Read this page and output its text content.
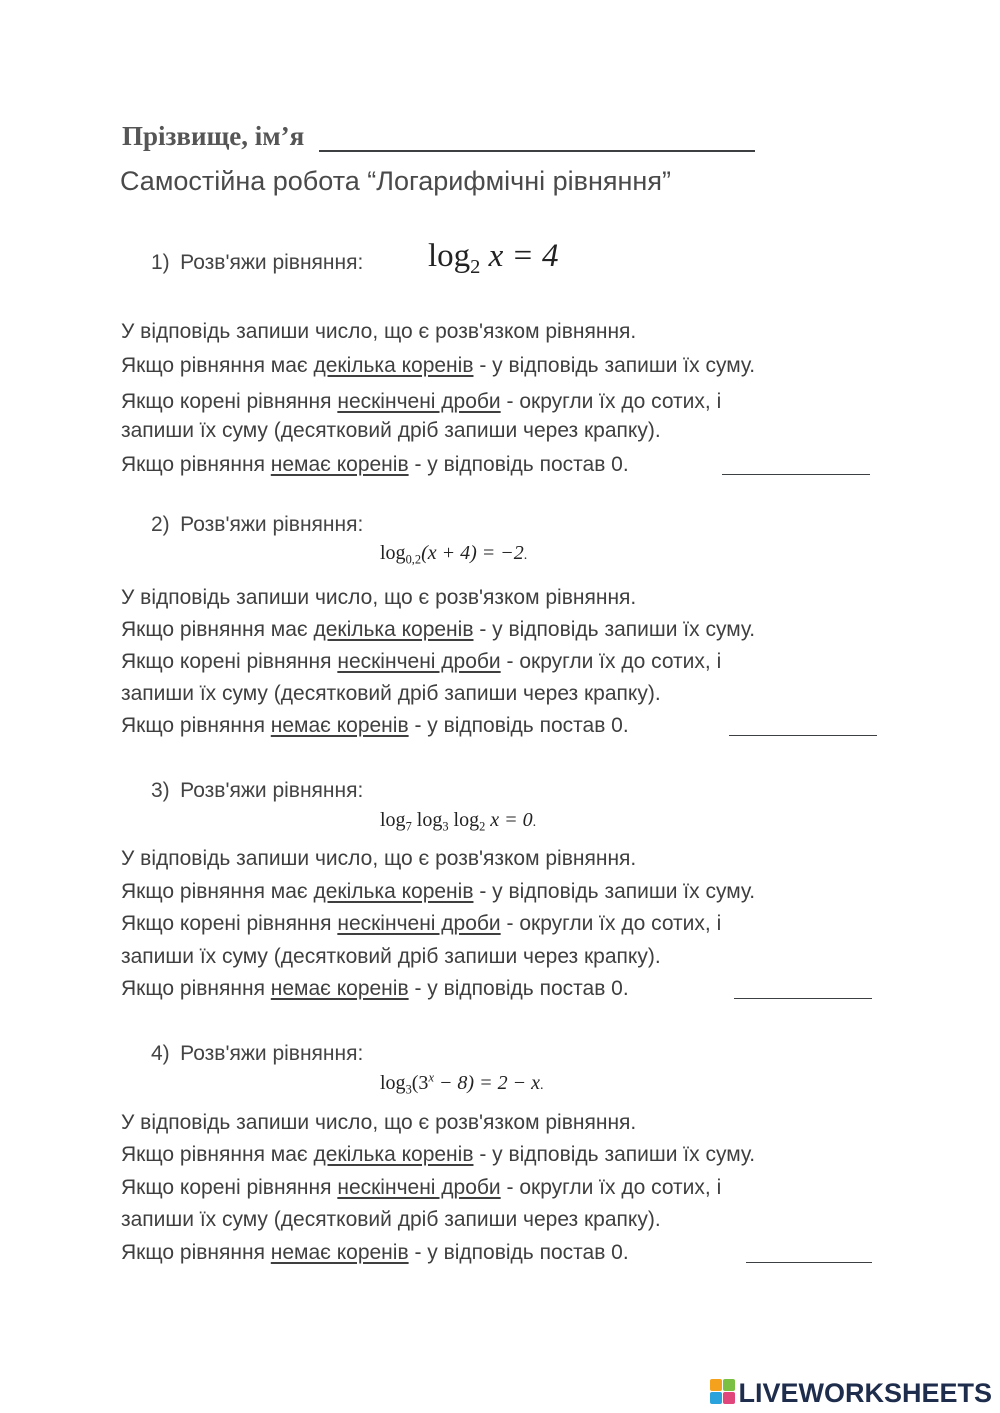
Прізвище, ім’я
Самостійна робота “Логарифмічні рівняння”
1) Розв'яжи рівняння: $\log_2 x = 4$
У відповідь запиши число, що є розв'язком рівняння.
Якщо рівняння має декілька коренів - у відповідь запиши їх суму.
Якщо корені рівняння нескінчені дроби - округли їх до сотих, і
запиши їх суму (десятковий дріб запиши через крапку).
Якщо рівняння немає коренів - у відповідь постав 0.
2) Розв'яжи рівняння:
$\log_{0,2}(x + 4) = -2$.
У відповідь запиши число, що є розв'язком рівняння.
Якщо рівняння має декілька коренів - у відповідь запиши їх суму.
Якщо корені рівняння нескінчені дроби - округли їх до сотих, і
запиши їх суму (десятковий дріб запиши через крапку).
Якщо рівняння немає коренів - у відповідь постав 0.
3) Розв'яжи рівняння:
$\log_7 \log_3 \log_2 x = 0$.
У відповідь запиши число, що є розв'язком рівняння.
Якщо рівняння має декілька коренів - у відповідь запиши їх суму.
Якщо корені рівняння нескінчені дроби - округли їх до сотих, і
запиши їх суму (десятковий дріб запиши через крапку).
Якщо рівняння немає коренів - у відповідь постав 0.
4) Розв'яжи рівняння:
$\log_3(3^x - 8) = 2 - x$.
У відповідь запиши число, що є розв'язком рівняння.
Якщо рівняння має декілька коренів - у відповідь запиши їх суму.
Якщо корені рівняння нескінчені дроби - округли їх до сотих, і
запиши їх суму (десятковий дріб запиши через крапку).
Якщо рівняння немає коренів - у відповідь постав 0.
LIVEWORKSHEETS
